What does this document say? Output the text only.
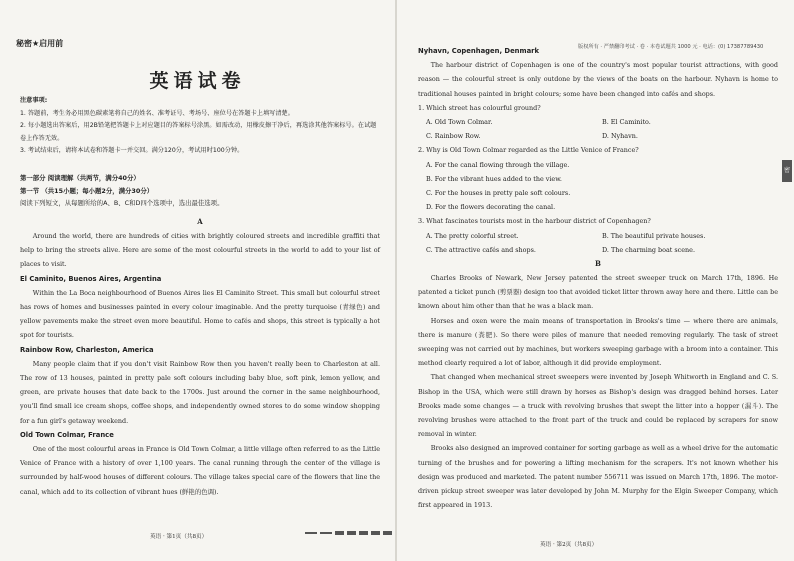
秘密★启用前
英语试卷
注意事项:
1. 答题前，考生务必用黑色碳素笔将自己的姓名、准考证号、考场号、座位号在答题卡上填写清楚。
2. 每小题选出答案后，用2B铅笔把答题卡上对应题目的答案标号涂黑。如需改动，用橡皮擦干净后，再选涂其他答案标号。在试题卷上作答无效。
3. 考试结束后，请将本试卷和答题卡一并交回。满分120分，考试用时100分钟。
第一部分 阅读理解（共两节，满分40分）
第一节 （共15小题；每小题2分，满分30分）
阅读下列短文，从每题所给的A、B、C和D四个选项中，选出最佳选项。
A

Around the world, there are hundreds of cities with brightly coloured streets and incredible graffiti that help to bring the streets alive. Here are some of the most colourful streets in the world to add to your list of places to visit.

El Caminito, Buenos Aires, Argentina

Within the La Boca neighbourhood of Buenos Aires lies El Caminito Street. This small but colourful street has rows of homes and businesses painted in every colour imaginable. And the pretty turquoise (青绿色) and yellow pavements make the street even more beautiful. Home to cafés and shops, this street is typically a hot spot for tourists.

Rainbow Row, Charleston, America

Many people claim that if you don't visit Rainbow Row then you haven't really been to Charleston at all. The row of 13 houses, painted in pretty pale soft colours including baby blue, soft pink, lemon yellow, and green, are private houses that date back to the 1700s. Just around the corner in the same neighbourhood, you'll find small ice cream shops, coffee shops, and independently owned stores to do some window shopping for a fun girl's getaway weekend.

Old Town Colmar, France

One of the most colourful areas in France is Old Town Colmar, a little village often referred to as the Little Venice of France with a history of over 1,100 years. The canal running through the center of the village is surrounded by half-wood houses of different colours. The village takes special care of the flowers that line the canal, which add to its collection of vibrant hues (鲜艳的色调).

英语 · 第1页（共8页）
版权所有 · 严禁翻印考试 · 卷 · 本卷试题共 1000 元 · 电话：(0) 17387789430
Nyhavn, Copenhagen, Denmark

The harbour district of Copenhagen is one of the country's most popular tourist attractions, with good reason — the colourful street is only outdone by the views of the boats on the harbour. Nyhavn is home to traditional houses painted in bright colours; some have been changed into cafés and shops.

1. Which street has colourful ground?
A. Old Town Colmar.	B. El Caminito.
C. Rainbow Row.	D. Nyhavn.
2. Why is Old Town Colmar regarded as the Little Venice of France?
A. For the canal flowing through the village.
B. For the vibrant hues added to the view.
C. For the houses in pretty pale soft colours.
D. For the flowers decorating the canal.
3. What fascinates tourists most in the harbour district of Copenhagen?
A. The pretty colorful street.	B. The beautiful private houses.
C. The attractive cafés and shops.	D. The charming boat scene.
B

Charles Brooks of Newark, New Jersey patented the street sweeper truck on March 17th, 1896. He patented a ticket punch (剪票器) design too that avoided ticket litter thrown away here and there. Little can be known about him other than that he was a black man.

Horses and oxen were the main means of transportation in Brooks's time — where there are animals, there is manure (粪肥). So there were piles of manure that needed removing regularly. The task of street sweeping was not carried out by machines, but workers sweeping garbage with a broom into a container. This method clearly required a lot of labor, although it did provide employment.

That changed when mechanical street sweepers were invented by Joseph Whitworth in England and C. S. Bishop in the USA, which were still drawn by horses as Bishop's design was dragged behind horses. Later Brooks made some changes — a truck with revolving brushes that swept the litter into a hopper (漏斗). The revolving brushes were attached to the front part of the truck and could be replaced by scrapers for snow removal in winter.

Brooks also designed an improved container for sorting garbage as well as a wheel drive for the automatic turning of the brushes and for powering a lifting mechanism for the scrapers. It's not known whether his design was produced and marketed. The patent number 556711 was issued on March 17th, 1896. The motor-driven pickup street sweeper was later developed by John M. Murphy for the Elgin Sweeper Company, which first appeared in 1913.

英语 · 第2页（共8页）
密
